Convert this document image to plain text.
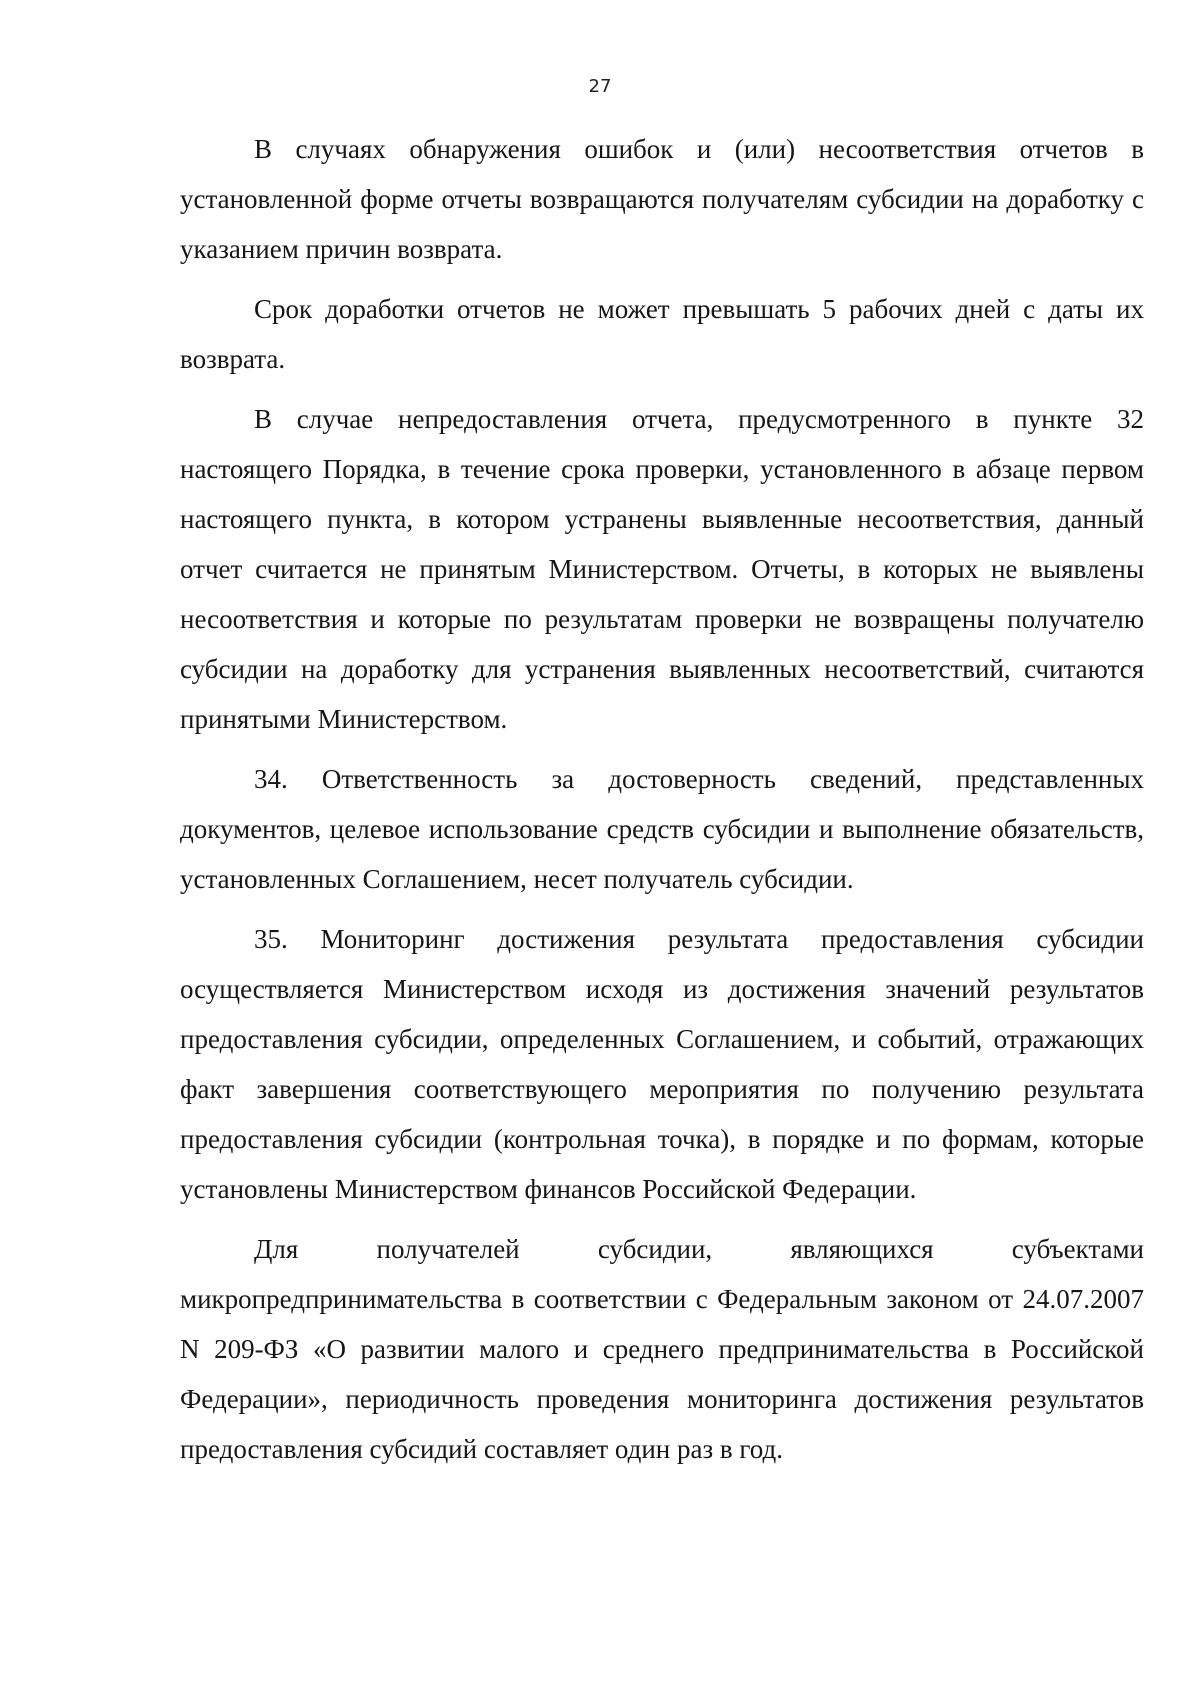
27

В случаях обнаружения ошибок и (или) несоответствия отчетов в установленной форме отчеты возвращаются получателям субсидии на доработку с указанием причин возврата.

Срок доработки отчетов не может превышать 5 рабочих дней с даты их возврата.

В случае непредоставления отчета, предусмотренного в пункте 32 настоящего Порядка, в течение срока проверки, установленного в абзаце первом настоящего пункта, в котором устранены выявленные несоответствия, данный отчет считается не принятым Министерством. Отчеты, в которых не выявлены несоответствия и которые по результатам проверки не возвращены получателю субсидии на доработку для устранения выявленных несоответствий, считаются принятыми Министерством.

34. Ответственность за достоверность сведений, представленных документов, целевое использование средств субсидии и выполнение обязательств, установленных Соглашением, несет получатель субсидии.

35. Мониторинг достижения результата предоставления субсидии осуществляется Министерством исходя из достижения значений результатов предоставления субсидии, определенных Соглашением, и событий, отражающих факт завершения соответствующего мероприятия по получению результата предоставления субсидии (контрольная точка), в порядке и по формам, которые установлены Министерством финансов Российской Федерации.

Для получателей субсидии, являющихся субъектами микропредпринимательства в соответствии с Федеральным законом от 24.07.2007 N 209-ФЗ «О развитии малого и среднего предпринимательства в Российской Федерации», периодичность проведения мониторинга достижения результатов предоставления субсидий составляет один раз в год.
